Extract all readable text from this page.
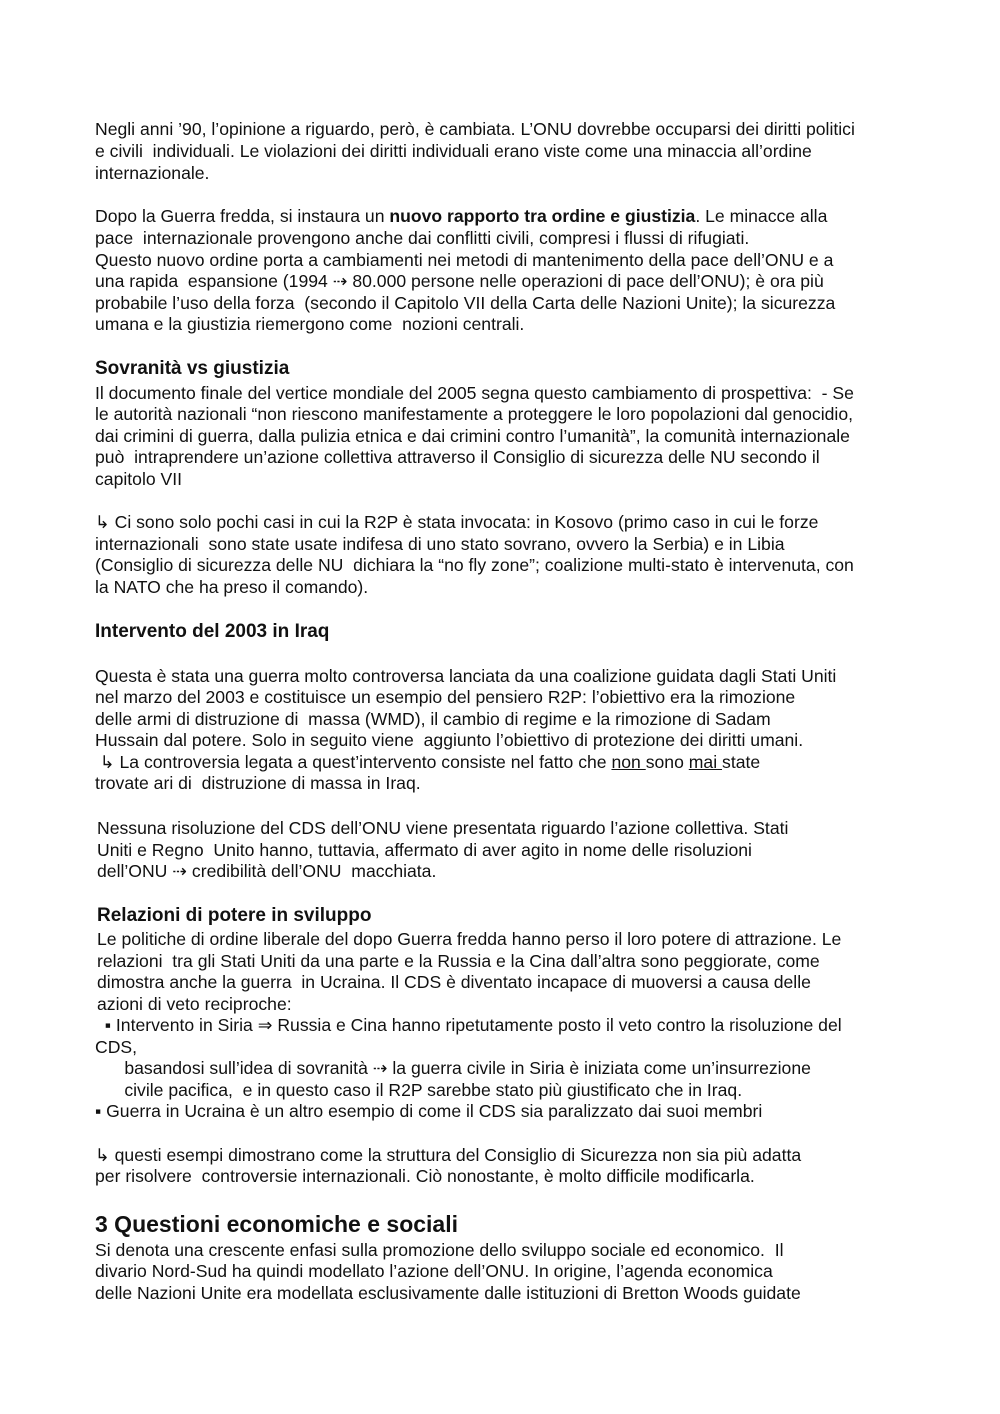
Negli anni ’90, l’opinione a riguardo, però, è cambiata. L’ONU dovrebbe occuparsi dei diritti politici
e civili  individuali. Le violazioni dei diritti individuali erano viste come una minaccia all’ordine
internazionale.
Dopo la Guerra fredda, si instaura un nuovo rapporto tra ordine e giustizia. Le minacce alla
pace  internazionale provengono anche dai conflitti civili, compresi i flussi di rifugiati.
Questo nuovo ordine porta a cambiamenti nei metodi di mantenimento della pace dell’ONU e a
una rapida  espansione (1994 ⇢ 80.000 persone nelle operazioni di pace dell’ONU); è ora più
probabile l’uso della forza  (secondo il Capitolo VII della Carta delle Nazioni Unite); la sicurezza
umana e la giustizia riemergono come  nozioni centrali.
Sovranità vs giustizia
Il documento finale del vertice mondiale del 2005 segna questo cambiamento di prospettiva:  - Se
le autorità nazionali “non riescono manifestamente a proteggere le loro popolazioni dal genocidio,
dai crimini di guerra, dalla pulizia etnica e dai crimini contro l’umanità”, la comunità internazionale
può  intraprendere un’azione collettiva attraverso il Consiglio di sicurezza delle NU secondo il
capitolo VII
↳ Ci sono solo pochi casi in cui la R2P è stata invocata: in Kosovo (primo caso in cui le forze
internazionali  sono state usate indifesa di uno stato sovrano, ovvero la Serbia) e in Libia
(Consiglio di sicurezza delle NU  dichiara la “no fly zone”; coalizione multi-stato è intervenuta, con
la NATO che ha preso il comando).
Intervento del 2003 in Iraq
Questa è stata una guerra molto controversa lanciata da una coalizione guidata dagli Stati Uniti
nel marzo del 2003 e costituisce un esempio del pensiero R2P: l’obiettivo era la rimozione
delle armi di distruzione di  massa (WMD), il cambio di regime e la rimozione di Sadam
Hussain dal potere. Solo in seguito viene  aggiunto l’obiettivo di protezione dei diritti umani.
↳ La controversia legata a quest’intervento consiste nel fatto che non sono mai state
trovate ari di  distruzione di massa in Iraq.
Nessuna risoluzione del CDS dell’ONU viene presentata riguardo l’azione collettiva. Stati
Uniti e Regno  Unito hanno, tuttavia, affermato di aver agito in nome delle risoluzioni
dell’ONU ⇢ credibilità dell’ONU  macchiata.
Relazioni di potere in sviluppo
Le politiche di ordine liberale del dopo Guerra fredda hanno perso il loro potere di attrazione. Le
relazioni  tra gli Stati Uniti da una parte e la Russia e la Cina dall’altra sono peggiorate, come
dimostra anche la guerra  in Ucraina. Il CDS è diventato incapace di muoversi a causa delle
azioni di veto reciproche:
▪ Intervento in Siria ⇒ Russia e Cina hanno ripetutamente posto il veto contro la risoluzione del
CDS,
basandosi sull’idea di sovranità ⇢ la guerra civile in Siria è iniziata come un’insurrezione
civile pacifica,  e in questo caso il R2P sarebbe stato più giustificato che in Iraq.
▪ Guerra in Ucraina è un altro esempio di come il CDS sia paralizzato dai suoi membri
↳ questi esempi dimostrano come la struttura del Consiglio di Sicurezza non sia più adatta
per risolvere  controversie internazionali. Ciò nonostante, è molto difficile modificarla.
3 Questioni economiche e sociali
Si denota una crescente enfasi sulla promozione dello sviluppo sociale ed economico.  Il
divario Nord-Sud ha quindi modellato l’azione dell’ONU. In origine, l’agenda economica
delle Nazioni Unite era modellata esclusivamente dalle istituzioni di Bretton Woods guidate
